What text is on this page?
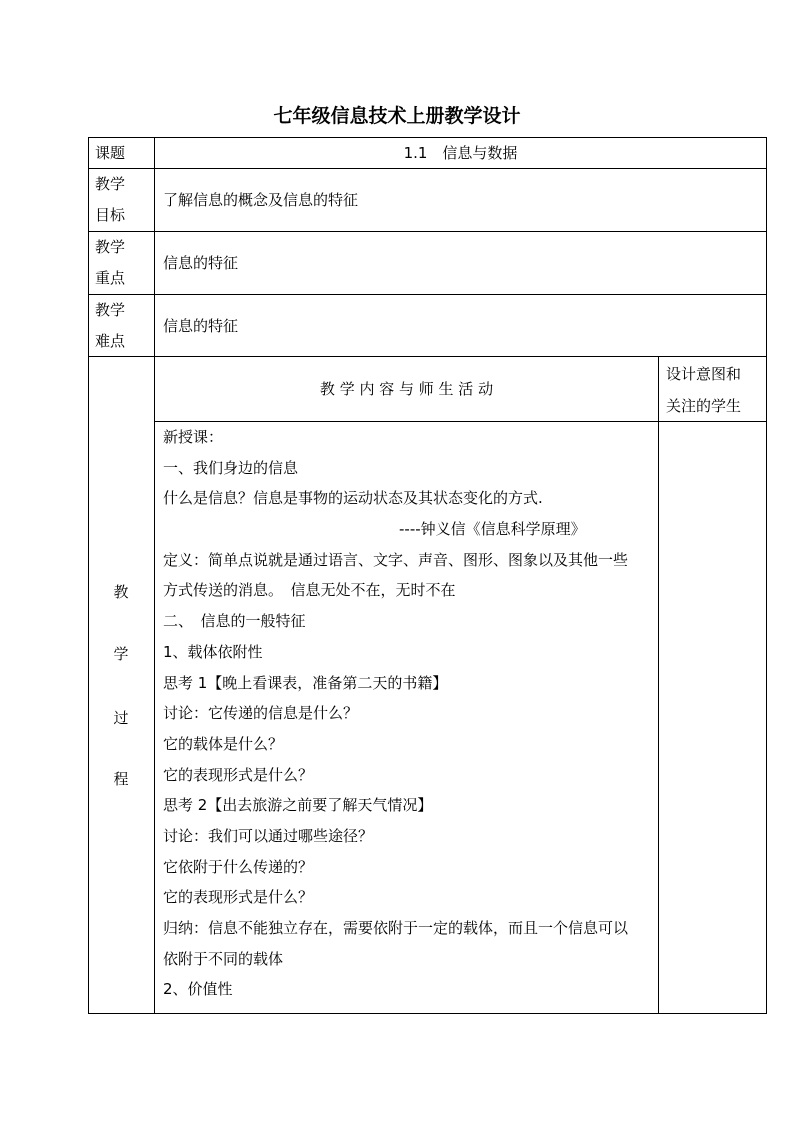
七年级信息技术上册教学设计
课题	1.1　信息与数据
教学
目标
了解信息的概念及信息的特征
教学
重点
信息的特征
教学
难点
信息的特征
教 学 内 容 与 师 生 活 动
设计意图和
关注的学生
教
学
过
程
新授课：
一、我们身边的信息
什么是信息？信息是事物的运动状态及其状态变化的方式.
----钟义信《信息科学原理》
定义：简单点说就是通过语言、文字、声音、图形、图象以及其他一些
方式传送的消息。　信息无处不在，无时不在
二、　信息的一般特征
1、载体依附性
思考 1【晚上看课表，准备第二天的书籍】
讨论：它传递的信息是什么？
它的载体是什么？
它的表现形式是什么？
思考 2【出去旅游之前要了解天气情况】
讨论：我们可以通过哪些途径？
它依附于什么传递的？
它的表现形式是什么？
归纳：信息不能独立存在，需要依附于一定的载体，而且一个信息可以
依附于不同的载体
2、价值性
